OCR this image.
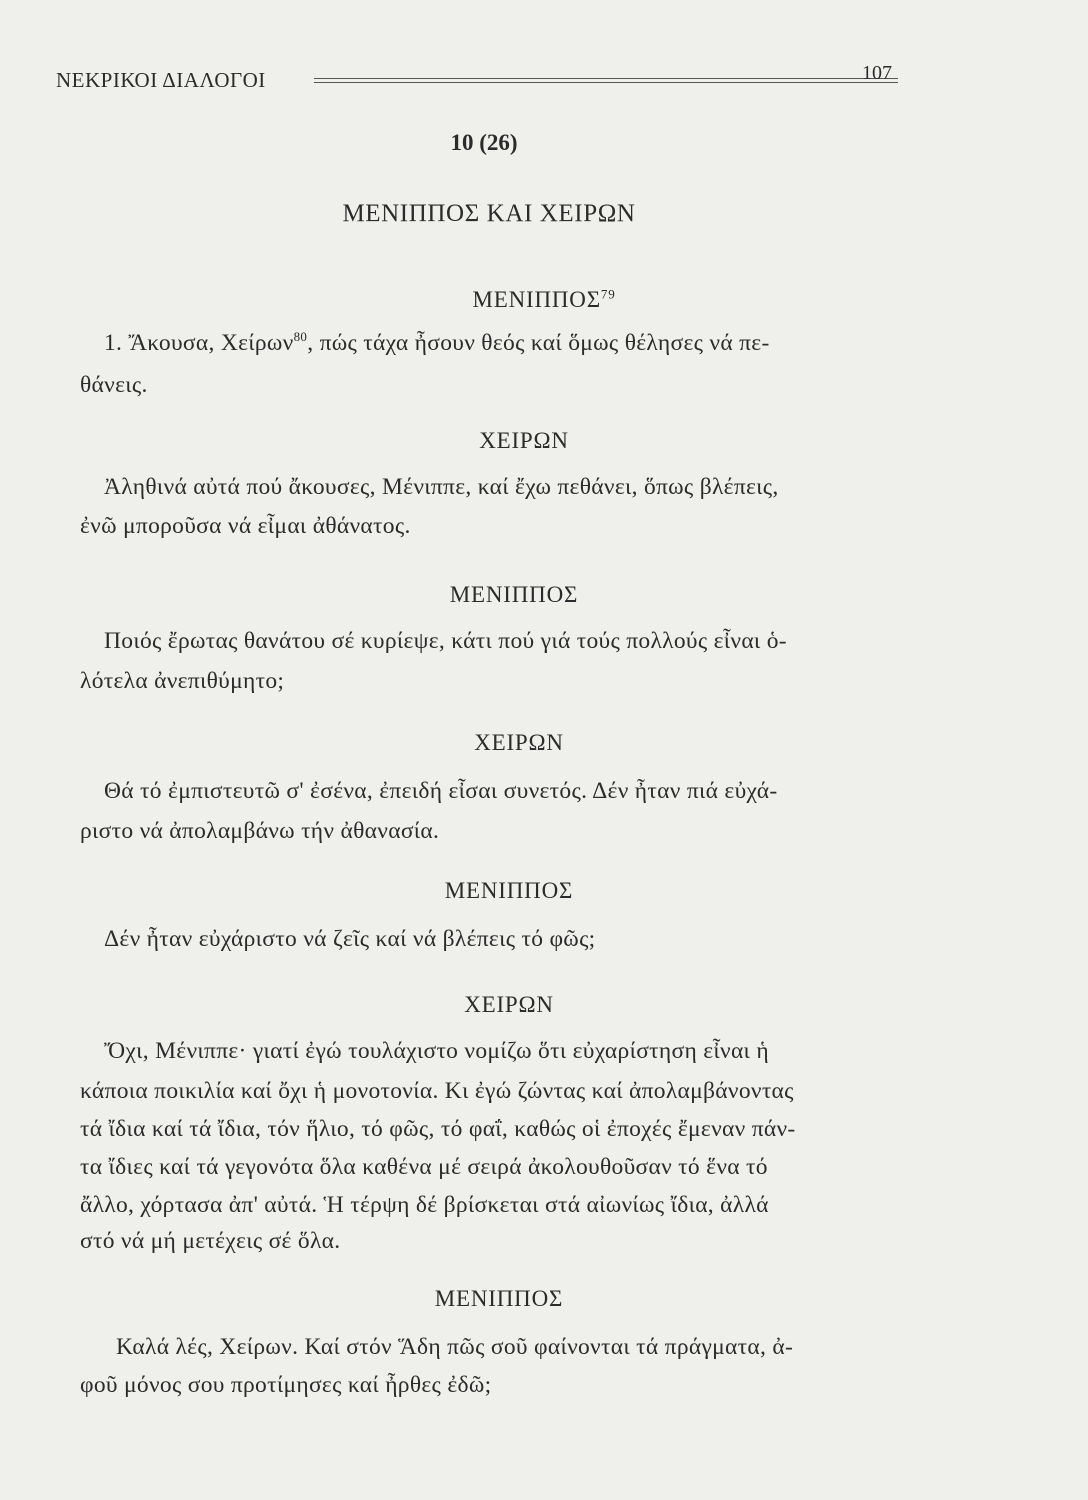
ΝΕΚΡΙΚΟΙ ΔΙΑΛΟΓΟΙ	107
10 (26)
ΜΕΝΙΠΠΟΣ ΚΑΙ ΧΕΙΡΩΝ
ΜΕΝΙΠΠΟΣ$^{79}$
1. Ἄκουσα, Χείρων$^{80}$, πώς τάχα ἦσουν θεός καί ὅμως θέλησες νά πε-
θάνεις.
ΧΕΙΡΩΝ
Ἀληθινά αὐτά πού ἄκουσες, Μένιππε, καί ἔχω πεθάνει, ὅπως βλέπεις,
ἐνῶ μποροῦσα νά εἶμαι ἀθάνατος.
ΜΕΝΙΠΠΟΣ
Ποιός ἔρωτας θανάτου σέ κυρίεψε, κάτι πού γιά τούς πολλούς εἶναι ὁ-
λότελα ἀνεπιθύμητο;
ΧΕΙΡΩΝ
Θά τό ἐμπιστευτῶ σ' ἐσένα, ἐπειδή εἶσαι συνετός. Δέν ἦταν πιά εὐχά-
ριστο νά ἀπολαμβάνω τήν ἀθανασία.
ΜΕΝΙΠΠΟΣ
Δέν ἦταν εὐχάριστο νά ζεῖς καί νά βλέπεις τό φῶς;
ΧΕΙΡΩΝ
Ὄχι, Μένιππε· γιατί ἐγώ τουλάχιστο νομίζω ὅτι εὐχαρίστηση εἶναι ἡ
κάποια ποικιλία καί ὄχι ἡ μονοτονία. Κι ἐγώ ζώντας καί ἀπολαμβάνοντας
τά ἴδια καί τά ἴδια, τόν ἥλιο, τό φῶς, τό φαΐ, καθώς οἱ ἐποχές ἔμεναν πάν-
τα ἴδιες καί τά γεγονότα ὅλα καθένα μέ σειρά ἀκολουθοῦσαν τό ἕνα τό
ἄλλο, χόρτασα ἀπ' αὐτά. Ἡ τέρψη δέ βρίσκεται στά αἰωνίως ἴδια, ἀλλά
στό νά μή μετέχεις σέ ὅλα.
ΜΕΝΙΠΠΟΣ
Καλά λές, Χείρων. Καί στόν Ἅδη πῶς σοῦ φαίνονται τά πράγματα, ἀ-
φοῦ μόνος σου προτίμησες καί ἦρθες ἐδῶ;
